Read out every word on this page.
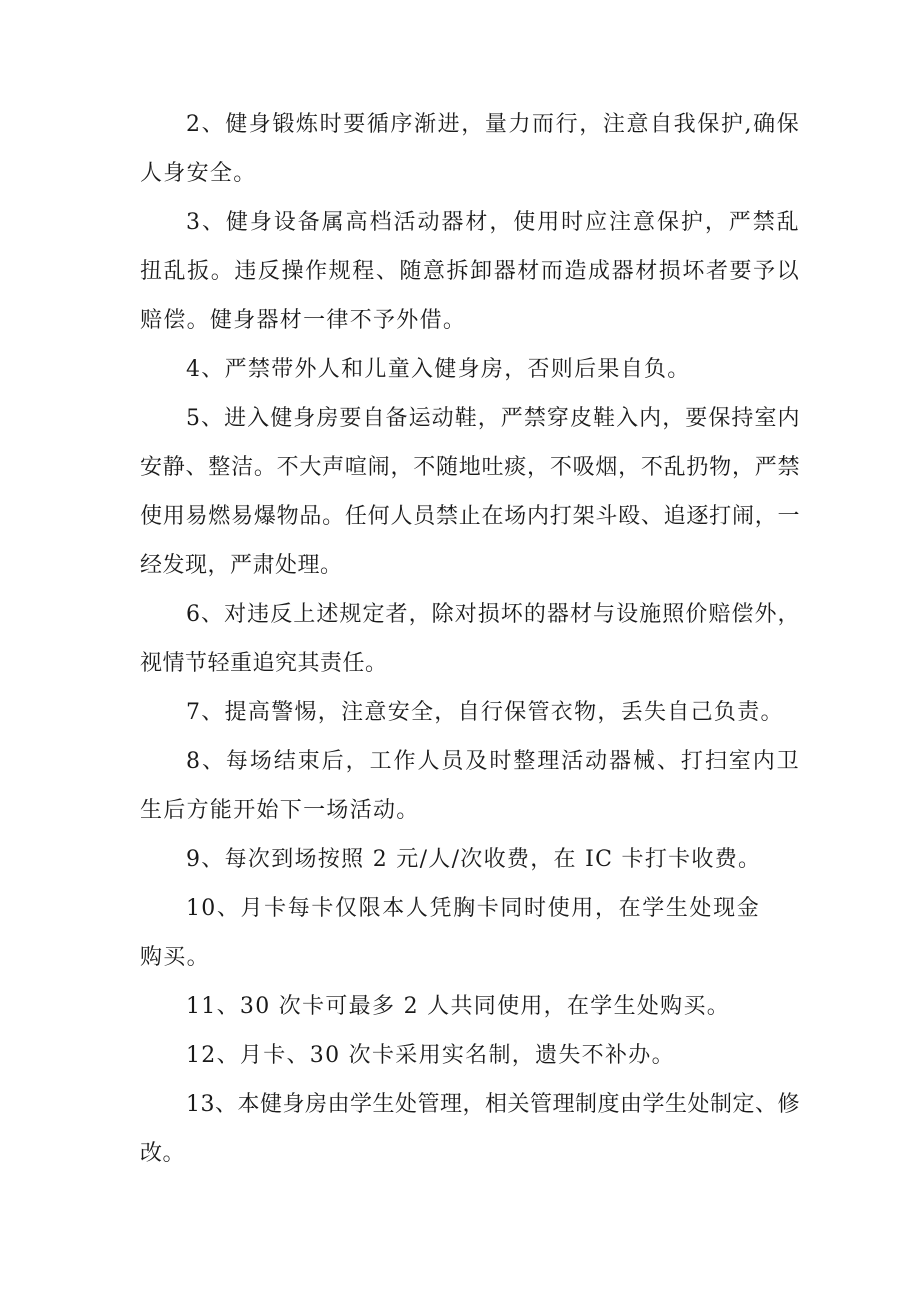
2、健身锻炼时要循序渐进，量力而行，注意自我保护,确保人身安全。

3、健身设备属高档活动器材，使用时应注意保护，严禁乱扭乱扳。违反操作规程、随意拆卸器材而造成器材损坏者要予以赔偿。健身器材一律不予外借。

4、严禁带外人和儿童入健身房，否则后果自负。

5、进入健身房要自备运动鞋，严禁穿皮鞋入内，要保持室内安静、整洁。不大声喧闹，不随地吐痰，不吸烟，不乱扔物，严禁使用易燃易爆物品。任何人员禁止在场内打架斗殴、追逐打闹，一经发现，严肃处理。

6、对违反上述规定者，除对损坏的器材与设施照价赔偿外，视情节轻重追究其责任。

7、提高警惕，注意安全，自行保管衣物，丢失自己负责。

8、每场结束后，工作人员及时整理活动器械、打扫室内卫生后方能开始下一场活动。

9、每次到场按照 2 元/人/次收费，在 IC 卡打卡收费。

10、月卡每卡仅限本人凭胸卡同时使用，在学生处现金购买。

11、30 次卡可最多 2 人共同使用，在学生处购买。

12、月卡、30 次卡采用实名制，遗失不补办。

13、本健身房由学生处管理，相关管理制度由学生处制定、修改。
